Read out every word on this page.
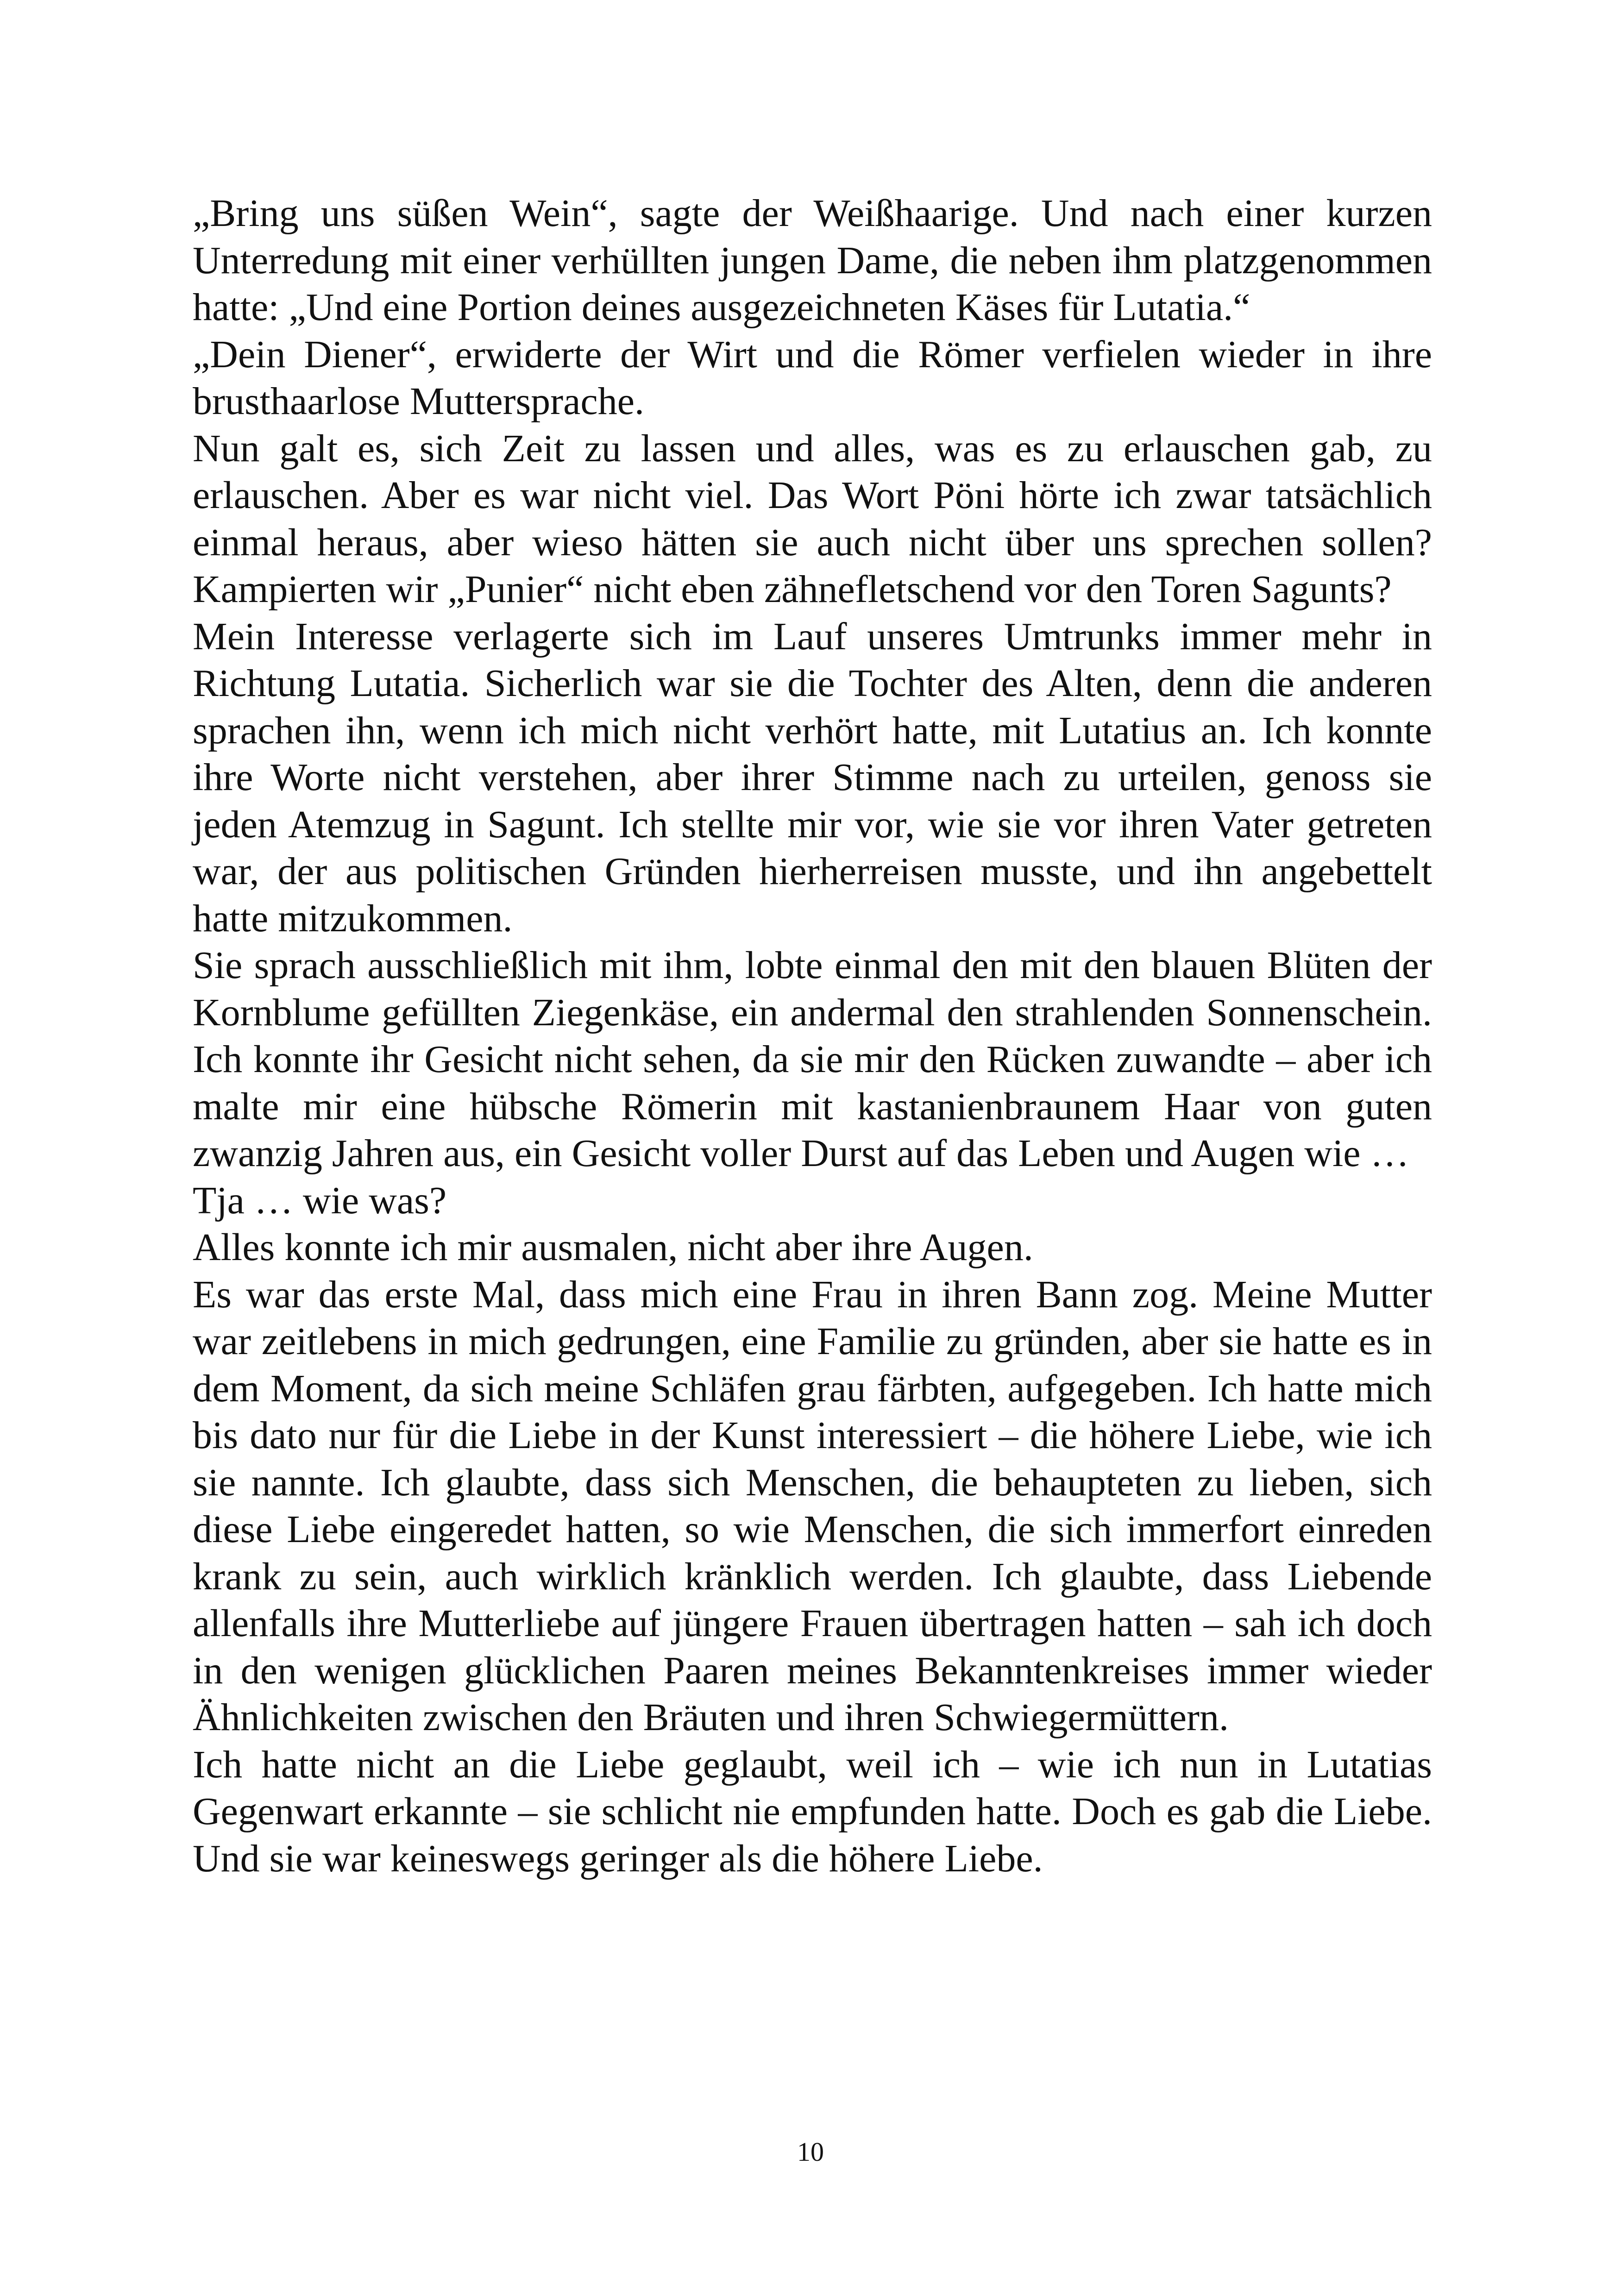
„Bring uns süßen Wein“, sagte der Weißhaarige. Und nach einer kurzen Unterredung mit einer verhüllten jungen Dame, die neben ihm platzgenommen hatte: „Und eine Portion deines ausgezeichneten Käses für Lutatia.“

„Dein Diener“, erwiderte der Wirt und die Römer verfielen wieder in ihre brusthaarlose Muttersprache.

Nun galt es, sich Zeit zu lassen und alles, was es zu erlauschen gab, zu erlauschen. Aber es war nicht viel. Das Wort Pöni hörte ich zwar tatsächlich einmal heraus, aber wieso hätten sie auch nicht über uns sprechen sollen? Kampierten wir „Punier“ nicht eben zähnefletschend vor den Toren Sagunts?

Mein Interesse verlagerte sich im Lauf unseres Umtrunks immer mehr in Richtung Lutatia. Sicherlich war sie die Tochter des Alten, denn die anderen sprachen ihn, wenn ich mich nicht verhört hatte, mit Lutatius an. Ich konnte ihre Worte nicht verstehen, aber ihrer Stimme nach zu urteilen, genoss sie jeden Atemzug in Sagunt. Ich stellte mir vor, wie sie vor ihren Vater getreten war, der aus politischen Gründen hierherreisen musste, und ihn angebettelt hatte mitzukommen.

Sie sprach ausschließlich mit ihm, lobte einmal den mit den blauen Blüten der Kornblume gefüllten Ziegenkäse, ein andermal den strahlenden Sonnenschein. Ich konnte ihr Gesicht nicht sehen, da sie mir den Rücken zuwandte – aber ich malte mir eine hübsche Römerin mit kastanienbraunem Haar von guten zwanzig Jahren aus, ein Gesicht voller Durst auf das Leben und Augen wie …

Tja … wie was?

Alles konnte ich mir ausmalen, nicht aber ihre Augen.

Es war das erste Mal, dass mich eine Frau in ihren Bann zog. Meine Mutter war zeitlebens in mich gedrungen, eine Familie zu gründen, aber sie hatte es in dem Moment, da sich meine Schläfen grau färbten, aufgegeben. Ich hatte mich bis dato nur für die Liebe in der Kunst interessiert – die höhere Liebe, wie ich sie nannte. Ich glaubte, dass sich Menschen, die behaupteten zu lieben, sich diese Liebe eingeredet hatten, so wie Menschen, die sich immerfort einreden krank zu sein, auch wirklich kränklich werden. Ich glaubte, dass Liebende allenfalls ihre Mutterliebe auf jüngere Frauen übertragen hatten – sah ich doch in den wenigen glücklichen Paaren meines Bekanntenkreises immer wieder Ähnlichkeiten zwischen den Bräuten und ihren Schwiegermüttern.

Ich hatte nicht an die Liebe geglaubt, weil ich – wie ich nun in Lutatias Gegenwart erkannte – sie schlicht nie empfunden hatte. Doch es gab die Liebe. Und sie war keineswegs geringer als die höhere Liebe.

10
